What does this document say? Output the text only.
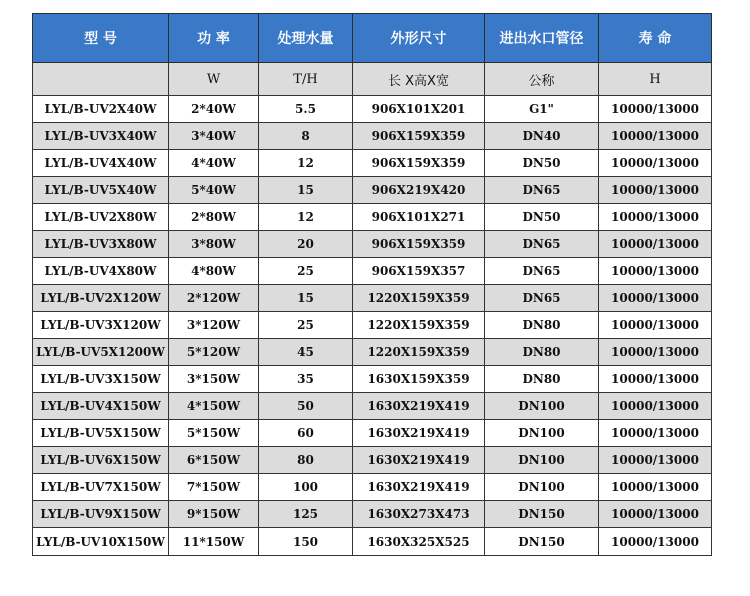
型 号	功 率	处理水量	外形尺寸	进出水口管径	寿 命
	W	T/H	长 X高X宽	公称	H
LYL/B-UV2X40W	2*40W	5.5	906X101X201	G1"	10000/13000
LYL/B-UV3X40W	3*40W	8	906X159X359	DN40	10000/13000
LYL/B-UV4X40W	4*40W	12	906X159X359	DN50	10000/13000
LYL/B-UV5X40W	5*40W	15	906X219X420	DN65	10000/13000
LYL/B-UV2X80W	2*80W	12	906X101X271	DN50	10000/13000
LYL/B-UV3X80W	3*80W	20	906X159X359	DN65	10000/13000
LYL/B-UV4X80W	4*80W	25	906X159X357	DN65	10000/13000
LYL/B-UV2X120W	2*120W	15	1220X159X359	DN65	10000/13000
LYL/B-UV3X120W	3*120W	25	1220X159X359	DN80	10000/13000
LYL/B-UV5X1200W	5*120W	45	1220X159X359	DN80	10000/13000
LYL/B-UV3X150W	3*150W	35	1630X159X359	DN80	10000/13000
LYL/B-UV4X150W	4*150W	50	1630X219X419	DN100	10000/13000
LYL/B-UV5X150W	5*150W	60	1630X219X419	DN100	10000/13000
LYL/B-UV6X150W	6*150W	80	1630X219X419	DN100	10000/13000
LYL/B-UV7X150W	7*150W	100	1630X219X419	DN100	10000/13000
LYL/B-UV9X150W	9*150W	125	1630X273X473	DN150	10000/13000
LYL/B-UV10X150W	11*150W	150	1630X325X525	DN150	10000/13000
